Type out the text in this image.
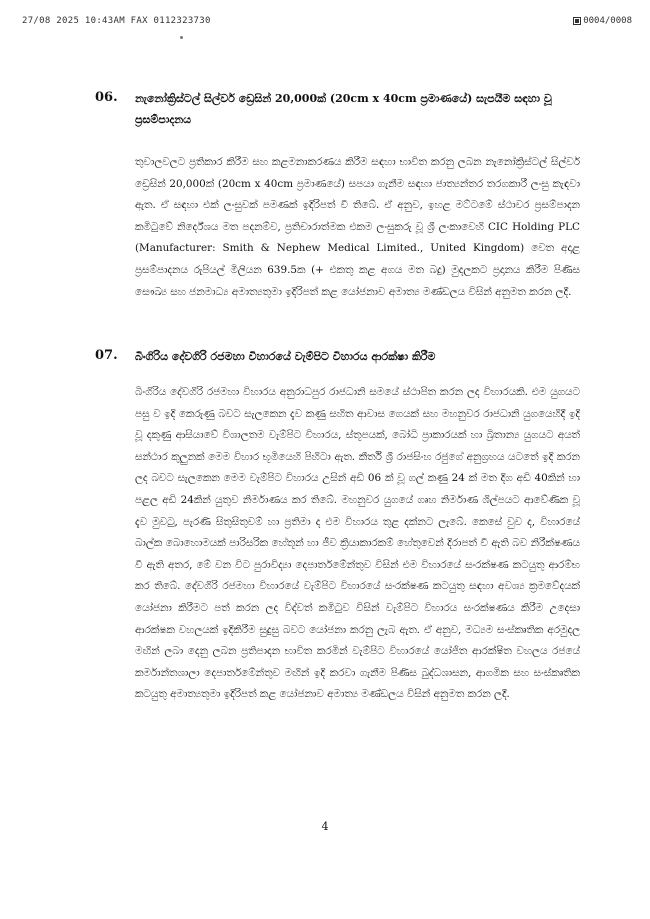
27/08 2025 10:43AM FAX 0112323730	0004/0008
06. නැනෝක්‍රිස්ටල් සිල්වර් ඩ්‍රෙසින් 20,000ක් (20cm x 40cm ප්‍රමාණයේ) සැපයීම සඳහා වූ ප්‍රසම්පාදනය
තුවාලවලට ප්‍රතිකාර කිරීම සහ කළමනාකරණය කිරීම සඳහා භාවිත කරනු ලබන නැනෝක්‍රිස්ටල් සිල්වර් ඩ්‍රෙසින් 20,000ක් (20cm x 40cm ප්‍රමාණයේ) සපයා ගැනීම සඳහා ජාත්‍යන්තර තරගකාරී ලංසු කැඳවා ඇත. ඒ සඳහා එක් ලංසුවක් පමණක් ඉදිරිපත් වී තිබේ. ඒ අනුව, ඉහළ මට්ටමේ ස්ථාවර ප්‍රසම්පාදන කමිටුවේ නිර්දේශය මත පදනම්ව, ප්‍රතිචාරාත්මක එකම ලංසුකරු වූ ශ්‍රී ලංකාවෙහි CIC Holding PLC (Manufacturer: Smith & Nephew Medical Limited., United Kingdom) වෙත අදාළ ප්‍රසම්පාදනය රුපියල් මිලියන 639.5ක (+ එකතු කළ අගය මත බදු) මුදලකට ප්‍රදානය කිරීම පිණිස සෞඛ්‍ය සහ ජනමාධ්‍ය අමාත්‍යතුමා ඉදිරිපත් කළ යෝජනාව අමාත්‍ය මණ්ඩලය විසින් අනුමත කරන ලදී.
07. බිංගිරිය දේවගිරි රජමහා විහාරයේ වැම්පිට විහාරය ආරක්ෂා කිරීම
බිංගිරිය දේවගිරි රජමහා විහාරය අනුරාධපුර රාජධානි සමයේ ස්ථාපිත කරන ලද විහාරයකි. එම යුගයට පසු ව ඉදි කෙරුණු බවට සැලකෙන දැව කණු සහිත ආවාස ගෙයක් සහ මහනුවර රාජධානි යුගයෙහිදී ඉදි වූ දකුණු ආසියාවේ විශාලතම වැම්පිට විහාරය, ස්තූපයක්, බෝධි ප්‍රාකාරයක් හා බ්‍රිතාන්‍ය යුගයට අයත් සන්ථාර කුලුනක් මෙම විහාර භූමියෙහි පිහිටා ඇත. කීර්ති ශ්‍රී රාජසිංහ රජුගේ අනුග්‍රහය යටතේ ඉදි කරන ලද බවට සැලකෙන මෙම වැම්පිට විහාරය උසින් අඩි 06 ක් වූ ගල් කණු 24 ක් මත දිග අඩි 40කින් හා පළල අඩි 24කින් යුතුව නිර්මාණය කර තිබේ. මහනුවර යුගයේ ගෘහ නිර්මාණ ශිල්පයට ආවේණික වූ දැව මුවටු, පැරණි සිතුසිතුවම් හා ප්‍රතිමා ද එම විහාරය තුළ දක්නට ලැබේ. කෙසේ වුව ද, විහාරයේ බාල්ක බොහොමයක් පාරිසරික හේතූන් හා ජීව ක්‍රියාකාරකම් හේතුවෙන් දිරාපත් වී ඇති බව නිරීක්ෂණය වී ඇති අතර, මේ වන විට පුරාවිද්‍යා දෙපාර්තමේන්තුව විසින් එම විහාරයේ සංරක්ෂණ කටයුතු ආරම්භ කර තිබේ. දේවගිරි රජමහා විහාරයේ වැම්පිට විහාරයේ සංරක්ෂණ කටයුතු සඳහා අවශ්‍ය ක්‍රමවේදයක් යෝජනා කිරීමට පත් කරන ලද විද්වත් කමිටුව විසින් වැම්පිට විහාරය සංරක්ෂණය කිරීම උදෙසා ආරක්ෂක වහලයක් ඉදිකිරීම සුදුසු බවට යෝජනා කරනු ලැබ ඇත. ඒ අනුව, මධ්‍යම සංස්කෘතික අරමුදල මඟින් ලබා දෙනු ලබන ප්‍රතිපාදන භාවිත කරමින් වැම්පිට විහාරයේ යෝජිත ආරක්ෂිත වහලය රජයේ කර්මාන්තශාලා දෙපාර්තමේන්තුව මඟින් ඉදි කරවා ගැනීම පිණිස බුද්ධශාසන, ආගමික සහ සංස්කෘතික කටයුතු අමාත්‍යතුමා ඉදිරිපත් කළ යෝජනාව අමාත්‍ය මණ්ඩලය විසින් අනුමත කරන ලදී.
4
